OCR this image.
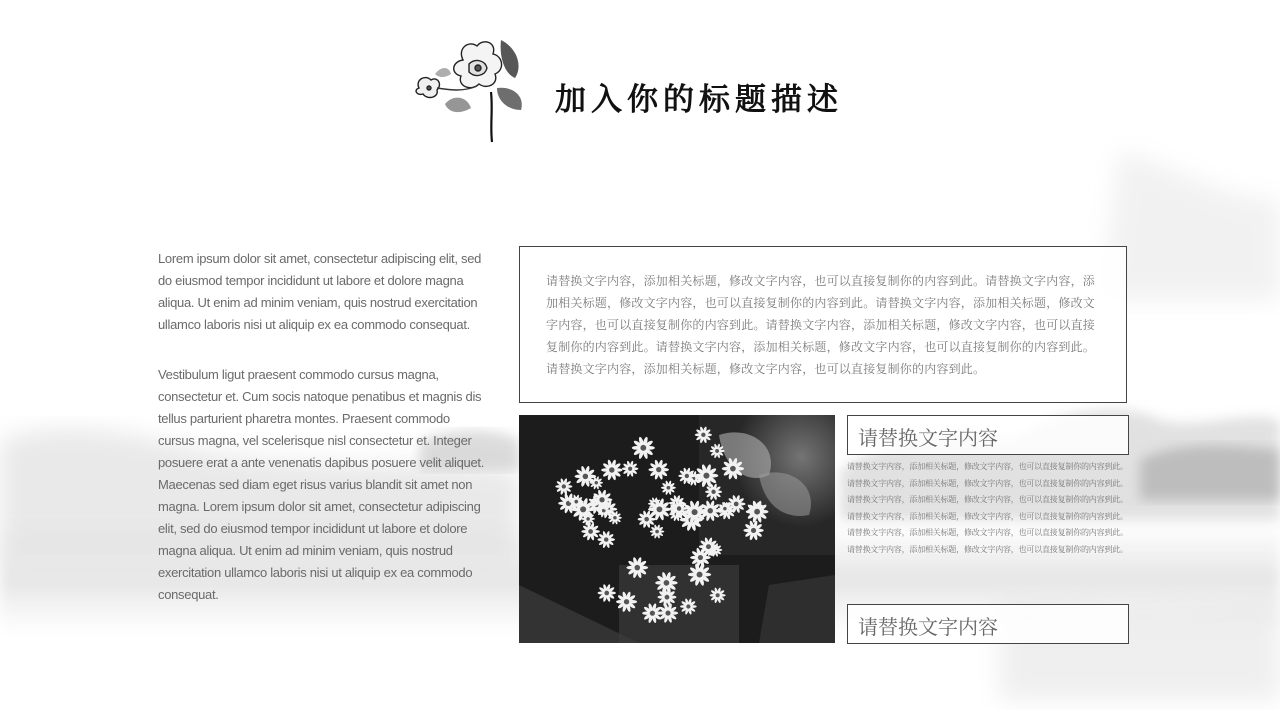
加入你的标题描述

Lorem ipsum dolor sit amet, consectetur adipiscing elit, sed do eiusmod tempor incididunt ut labore et dolore magna aliqua. Ut enim ad minim veniam, quis nostrud exercitation ullamco laboris nisi ut aliquip ex ea commodo consequat.

Vestibulum ligut praesent commodo cursus magna, consectetur et. Cum socis natoque penatibus et magnis dis tellus parturient pharetra montes. Praesent commodo cursus magna, vel scelerisque nisl consectetur et. Integer posuere erat a ante venenatis dapibus posuere velit aliquet. Maecenas sed diam eget risus varius blandit sit amet non magna. Lorem ipsum dolor sit amet, consectetur adipiscing elit, sed do eiusmod tempor incididunt ut labore et dolore magna aliqua. Ut enim ad minim veniam, quis nostrud exercitation ullamco laboris nisi ut aliquip ex ea commodo consequat.

请替换文字内容，添加相关标题，修改文字内容，也可以直接复制你的内容到此。请替换文字内容，添加相关标题，修改文字内容，也可以直接复制你的内容到此。请替换文字内容，添加相关标题，修改文字内容，也可以直接复制你的内容到此。请替换文字内容，添加相关标题，修改文字内容，也可以直接复制你的内容到此。请替换文字内容，添加相关标题，修改文字内容，也可以直接复制你的内容到此。请替换文字内容，添加相关标题，修改文字内容，也可以直接复制你的内容到此。

请替换文字内容

请替换文字内容，添加相关标题，修改文字内容，也可以直接复制你的内容到此。请替换文字内容，添加相关标题，修改文字内容，也可以直接复制你的内容到此。请替换文字内容，添加相关标题，修改文字内容，也可以直接复制你的内容到此。请替换文字内容，添加相关标题，修改文字内容，也可以直接复制你的内容到此。请替换文字内容，添加相关标题，修改文字内容，也可以直接复制你的内容到此。请替换文字内容，添加相关标题，修改文字内容，也可以直接复制你的内容到此。

请替换文字内容
